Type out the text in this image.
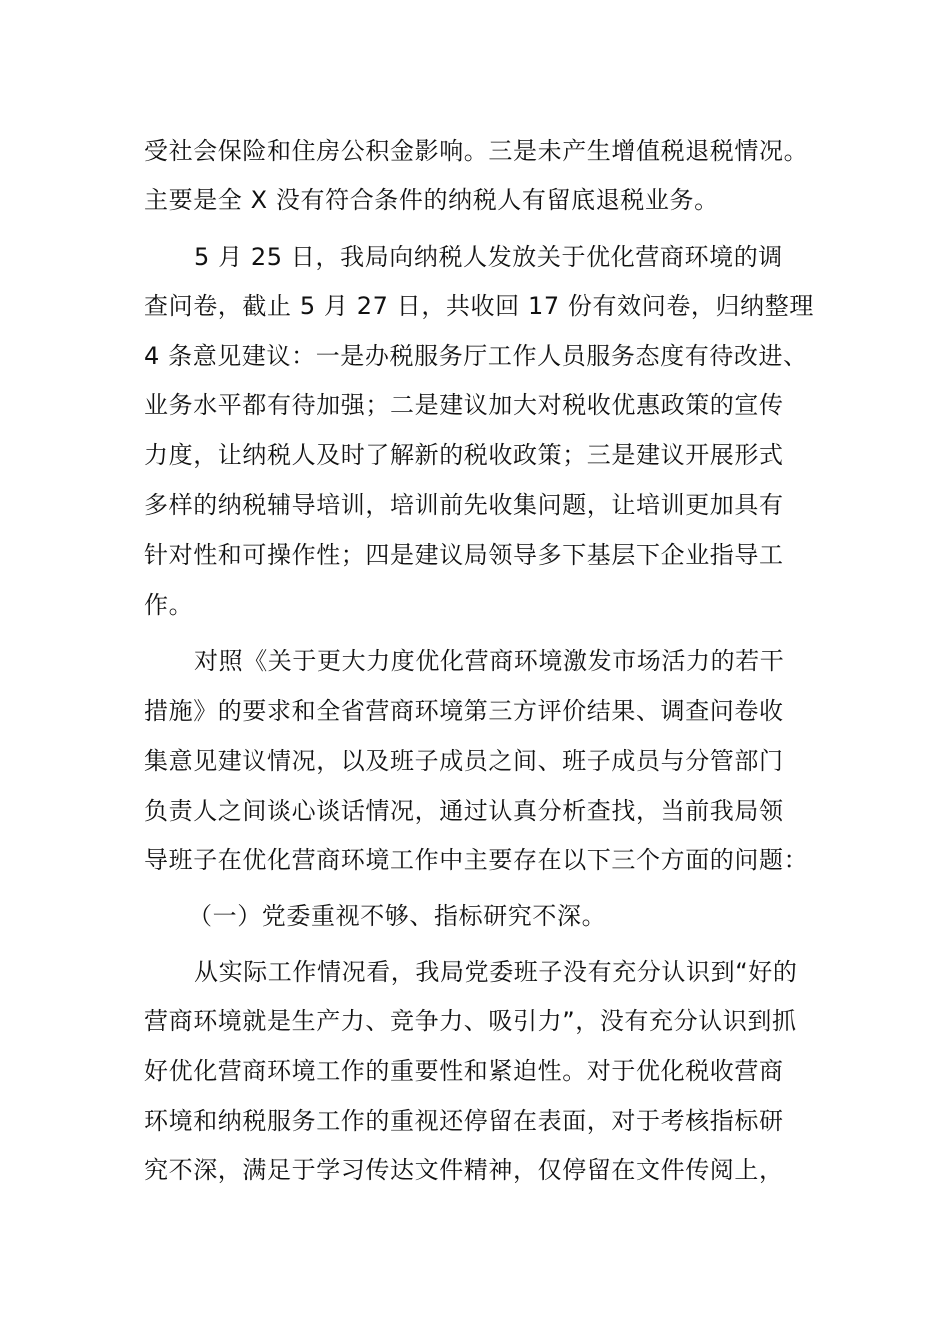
受社会保险和住房公积金影响。三是未产生增值税退税情况。
主要是全 X 没有符合条件的纳税人有留底退税业务。
5 月 25 日，我局向纳税人发放关于优化营商环境的调
查问卷，截止 5 月 27 日，共收回 17 份有效问卷，归纳整理
4 条意见建议：一是办税服务厅工作人员服务态度有待改进、
业务水平都有待加强；二是建议加大对税收优惠政策的宣传
力度，让纳税人及时了解新的税收政策；三是建议开展形式
多样的纳税辅导培训，培训前先收集问题，让培训更加具有
针对性和可操作性；四是建议局领导多下基层下企业指导工
作。
对照《关于更大力度优化营商环境激发市场活力的若干
措施》的要求和全省营商环境第三方评价结果、调查问卷收
集意见建议情况，以及班子成员之间、班子成员与分管部门
负责人之间谈心谈话情况，通过认真分析查找，当前我局领
导班子在优化营商环境工作中主要存在以下三个方面的问题：
（一）党委重视不够、指标研究不深。
从实际工作情况看，我局党委班子没有充分认识到“好的
营商环境就是生产力、竞争力、吸引力”，没有充分认识到抓
好优化营商环境工作的重要性和紧迫性。对于优化税收营商
环境和纳税服务工作的重视还停留在表面，对于考核指标研
究不深，满足于学习传达文件精神，仅停留在文件传阅上，
